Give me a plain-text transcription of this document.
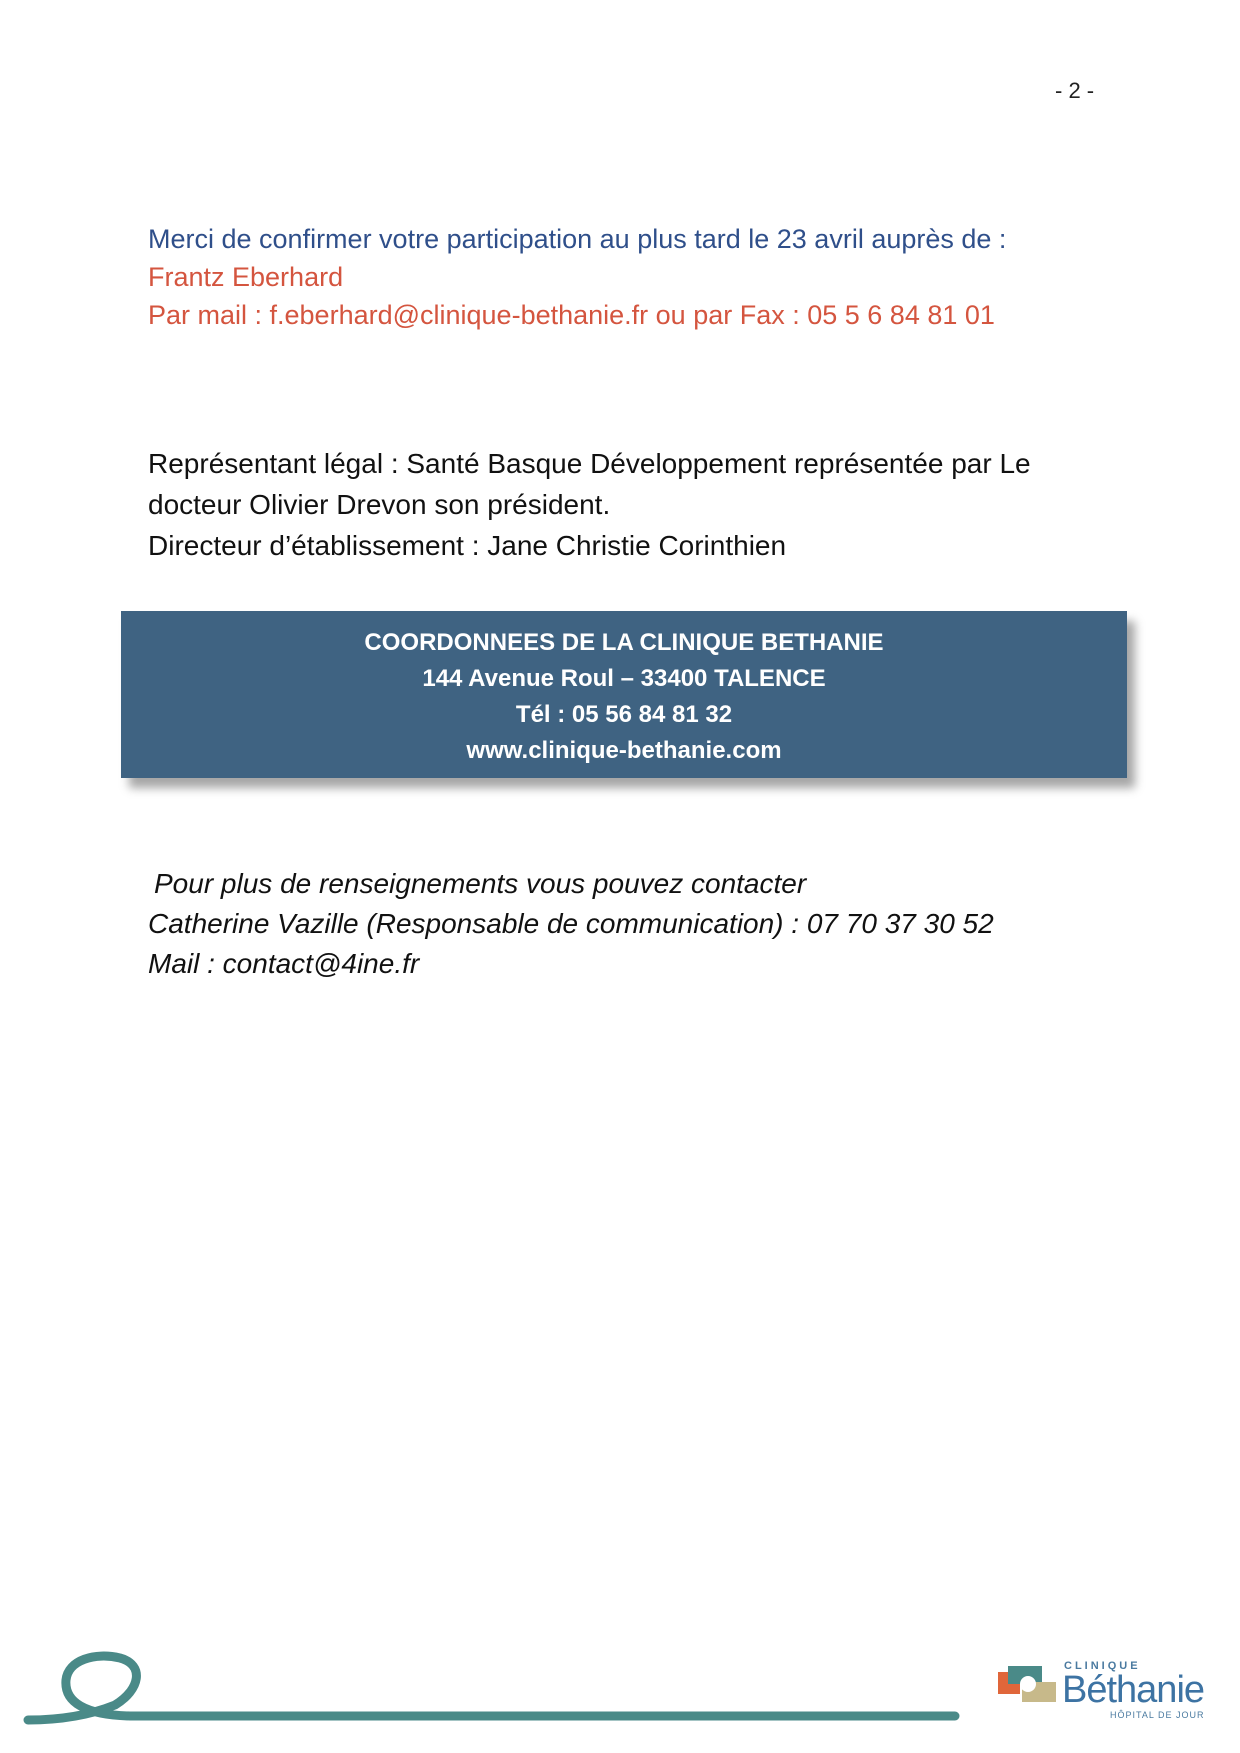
- 2 -
Merci de confirmer votre participation au plus tard le 23 avril auprès de :
Frantz Eberhard
Par mail : f.eberhard@clinique-bethanie.fr ou par Fax : 05 5 6 84 81 01
Représentant légal : Santé Basque Développement représentée par Le
docteur Olivier Drevon son président.
Directeur d’établissement : Jane Christie Corinthien
COORDONNEES DE LA CLINIQUE BETHANIE
144 Avenue Roul – 33400 TALENCE
Tél : 05 56 84 81 32
www.clinique-bethanie.com
Pour plus de renseignements vous pouvez contacter
Catherine Vazille (Responsable de communication) : 07 70 37 30 52
Mail : contact@4ine.fr
CLINIQUE
Béthanie
HÔPITAL DE JOUR
